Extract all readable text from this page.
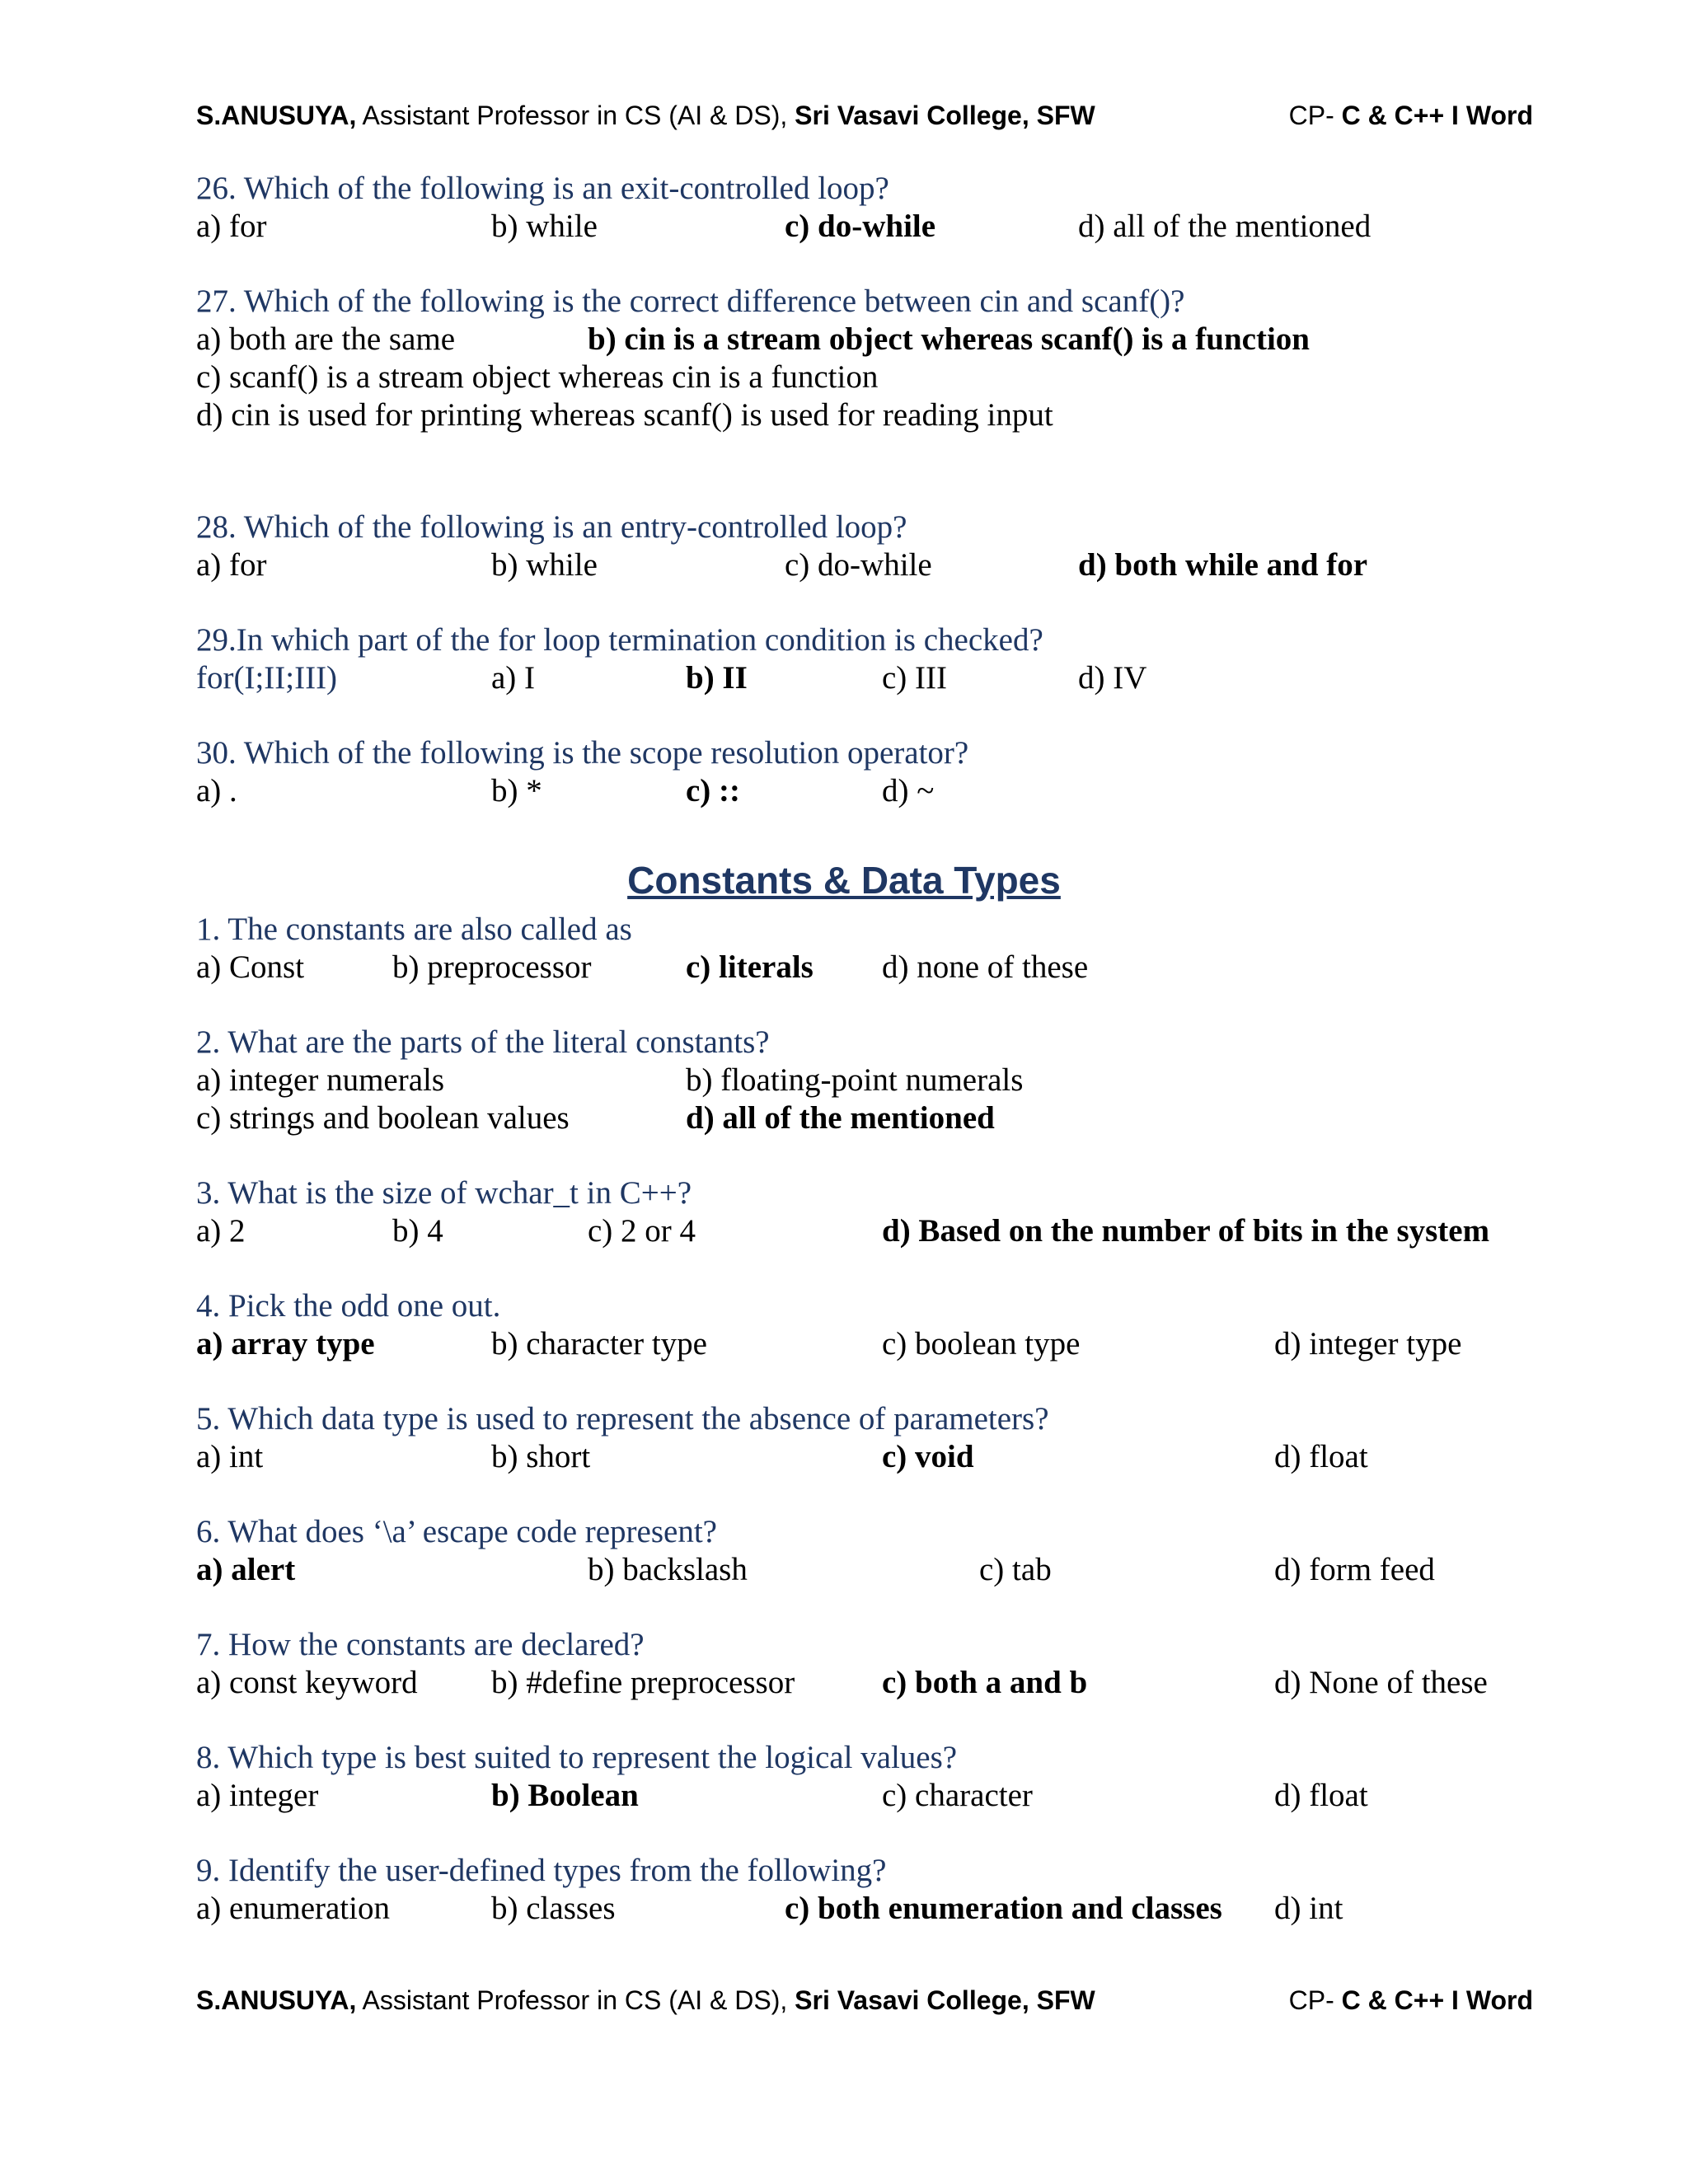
S.ANUSUYA, Assistant Professor in CS (AI & DS), Sri Vasavi College, SFW	CP- C & C++ I Word
26. Which of the following is an exit-controlled loop?
a) for	b) while	c) do-while	d) all of the mentioned
27. Which of the following is the correct difference between cin and scanf()?
a) both are the same	b) cin is a stream object whereas scanf() is a function
c) scanf() is a stream object whereas cin is a function
d) cin is used for printing whereas scanf() is used for reading input
28. Which of the following is an entry-controlled loop?
a) for	b) while	c) do-while	d) both while and for
29.In which part of the for loop termination condition is checked?
for(I;II;III)	a) I	b) II	c) III	d) IV
30. Which of the following is the scope resolution operator?
a) .	b) *	c) ::	d) ~
Constants & Data Types
1. The constants are also called as
a) Const	b) preprocessor	c) literals d) none of these
2. What are the parts of the literal constants?
a) integer numerals	b) floating-point numerals
c) strings and boolean values	d) all of the mentioned
3. What is the size of wchar_t in C++?
a) 2	b) 4	c) 2 or 4	d) Based on the number of bits in the system
4. Pick the odd one out.
a) array type	b) character type	c) boolean type	d) integer type
5. Which data type is used to represent the absence of parameters?
a) int	b) short	c) void	d) float
6. What does ‘\a’ escape code represent?
a) alert	b) backslash	c) tab	d) form feed
7. How the constants are declared?
a) const keyword b) #define preprocessor	c) both a and b	d) None of these
8. Which type is best suited to represent the logical values?
a) integer	b) Boolean	c) character	d) float
9. Identify the user-defined types from the following?
a) enumeration	b) classes	c) both enumeration and classes d) int
S.ANUSUYA, Assistant Professor in CS (AI & DS), Sri Vasavi College, SFW	CP- C & C++ I Word
